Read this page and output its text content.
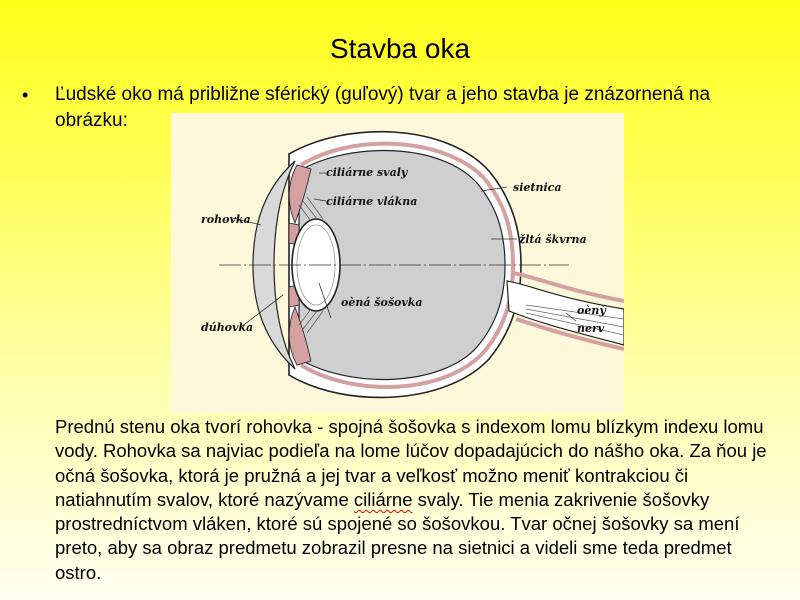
Stavba oka
• Ľudské oko má približne sférický (guľový) tvar a jeho stavba je znázornená na obrázku:
ciliárne svaly
ciliárne vlákna
sietnica
rohovka
žltá škvrna
oèná šošovka
dúhovka
oèný
nerv
Prednú stenu oka tvorí rohovka - spojná šošovka s indexom lomu blízkym indexu lomu vody. Rohovka sa najviac podieľa na lome lúčov dopadajúcich do nášho oka. Za ňou je očná šošovka, ktorá je pružná a jej tvar a veľkosť možno meniť kontrakciou či natiahnutím svalov, ktoré nazývame ciliárne svaly. Tie menia zakrivenie šošovky prostredníctvom vláken, ktoré sú spojené so šošovkou. Tvar očnej šošovky sa mení preto, aby sa obraz predmetu zobrazil presne na sietnici a videli sme teda predmet ostro.
